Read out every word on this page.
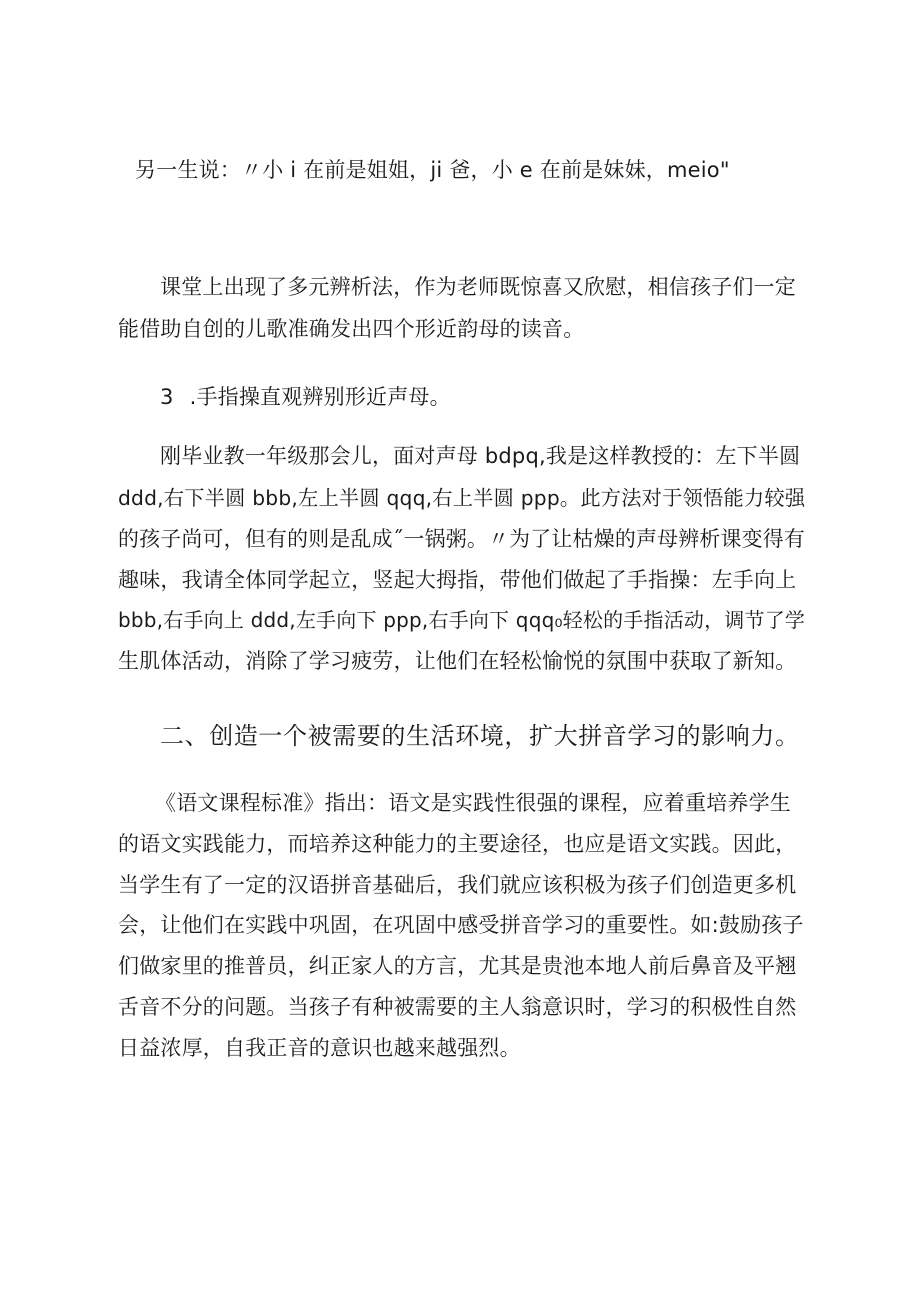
另一生说：〃小 i 在前是姐姐，ji 爸，小 e 在前是妹妹，meio"
课堂上出现了多元辨析法，作为老师既惊喜又欣慰，相信孩子们一定
能借助自创的儿歌准确发出四个形近韵母的读音。
3 .手指操直观辨别形近声母。
刚毕业教一年级那会儿，面对声母 bdpq,我是这样教授的：左下半圆
ddd,右下半圆 bbb,左上半圆 qqq,右上半圆 ppp。此方法对于领悟能力较强
的孩子尚可，但有的则是乱成˝一锅粥。〃为了让枯燥的声母辨析课变得有
趣味，我请全体同学起立，竖起大拇指，带他们做起了手指操：左手向上
bbb,右手向上 ddd,左手向下 ppp,右手向下 qqq₀轻松的手指活动，调节了学
生肌体活动，消除了学习疲劳，让他们在轻松愉悦的氛围中获取了新知。
二、创造一个被需要的生活环境，扩大拼音学习的影响力。
《语文课程标准》指出：语文是实践性很强的课程，应着重培养学生
的语文实践能力，而培养这种能力的主要途径，也应是语文实践。因此，
当学生有了一定的汉语拼音基础后，我们就应该积极为孩子们创造更多机
会，让他们在实践中巩固，在巩固中感受拼音学习的重要性。如:鼓励孩子
们做家里的推普员，纠正家人的方言，尤其是贵池本地人前后鼻音及平翘
舌音不分的问题。当孩子有种被需要的主人翁意识时，学习的积极性自然
日益浓厚，自我正音的意识也越来越强烈。
